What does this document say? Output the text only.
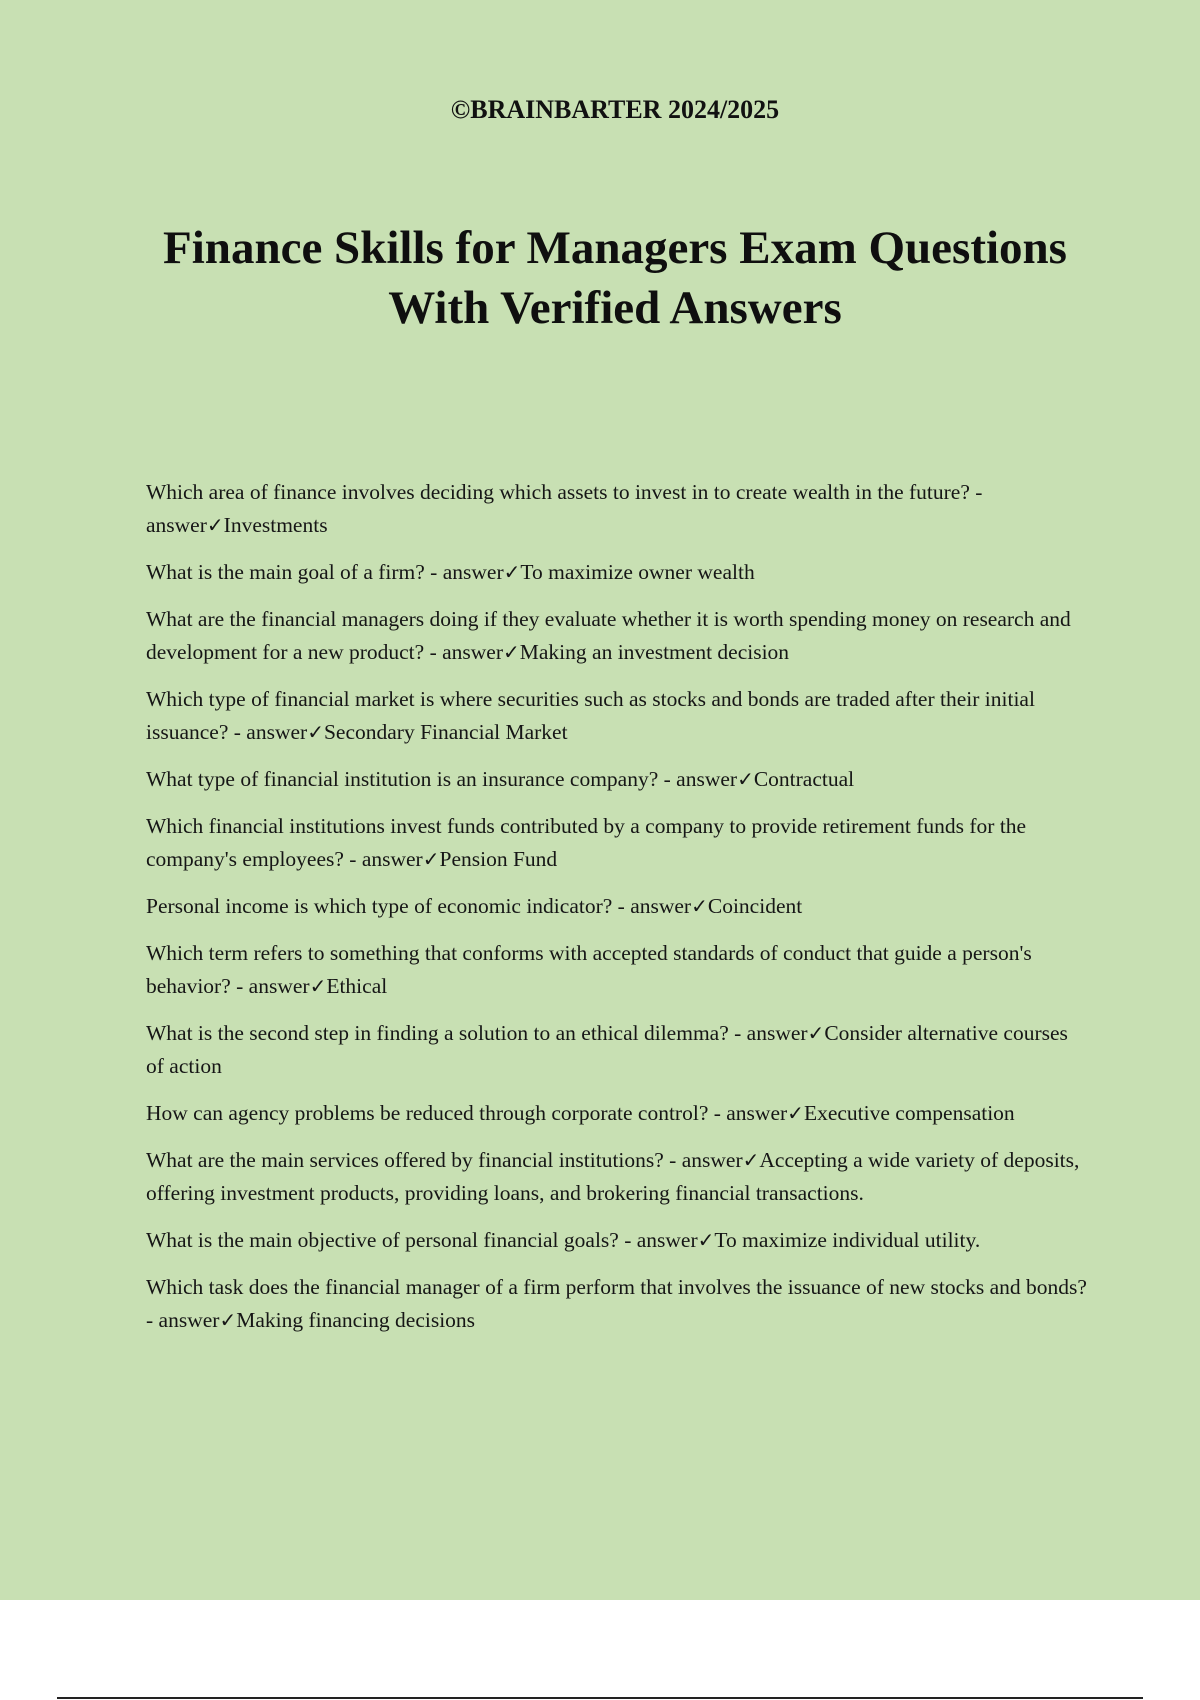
©BRAINBARTER 2024/2025
Finance Skills for Managers Exam Questions With Verified Answers
Which area of finance involves deciding which assets to invest in to create wealth in the future? - answer✓Investments
What is the main goal of a firm? - answer✓To maximize owner wealth
What are the financial managers doing if they evaluate whether it is worth spending money on research and development for a new product? - answer✓Making an investment decision
Which type of financial market is where securities such as stocks and bonds are traded after their initial issuance? - answer✓Secondary Financial Market
What type of financial institution is an insurance company? - answer✓Contractual
Which financial institutions invest funds contributed by a company to provide retirement funds for the company's employees? - answer✓Pension Fund
Personal income is which type of economic indicator? - answer✓Coincident
Which term refers to something that conforms with accepted standards of conduct that guide a person's behavior? - answer✓Ethical
What is the second step in finding a solution to an ethical dilemma? - answer✓Consider alternative courses of action
How can agency problems be reduced through corporate control? - answer✓Executive compensation
What are the main services offered by financial institutions? - answer✓Accepting a wide variety of deposits, offering investment products, providing loans, and brokering financial transactions.
What is the main objective of personal financial goals? - answer✓To maximize individual utility.
Which task does the financial manager of a firm perform that involves the issuance of new stocks and bonds? - answer✓Making financing decisions
